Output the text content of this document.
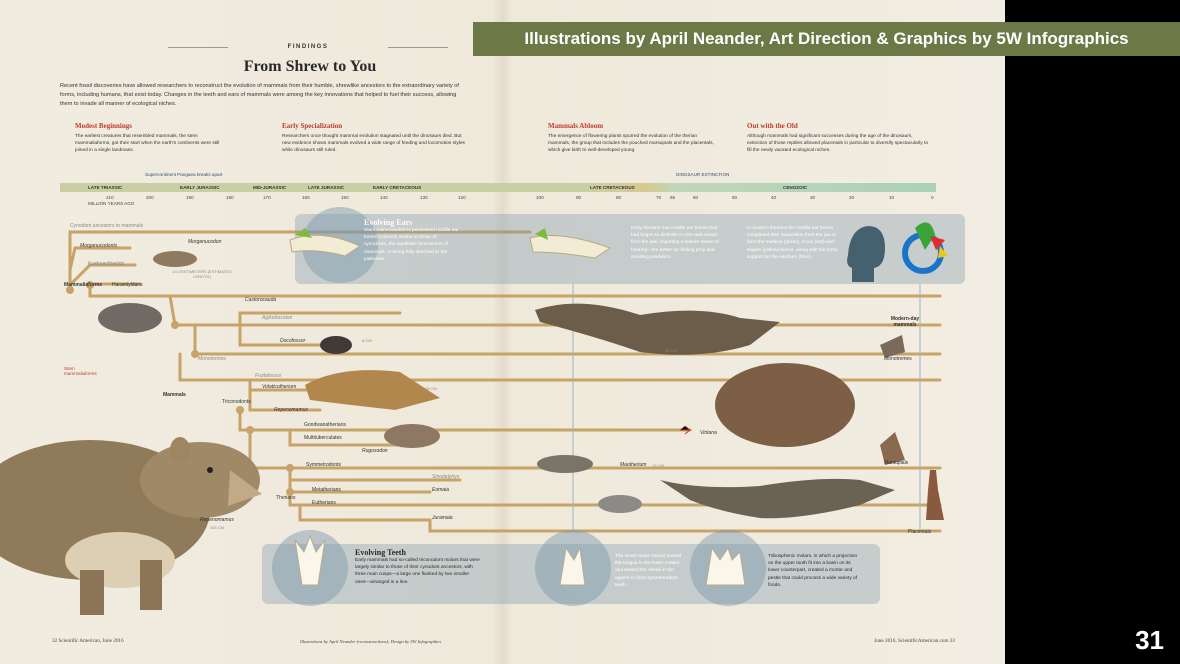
FINDINGS
From Shrew to You
Recent fossil discoveries have allowed researchers to reconstruct the evolution of mammals from their humble, shrewlike ancestors to the extraordinary variety of forms, including humans, that exist today. Changes in the teeth and ears of mammals were among the key innovations that helped to fuel their success, allowing them to invade all manner of ecological niches.
Modest Beginnings
The earliest creatures that resembled mammals, the stem mammaliaforms, got their start when the earth's continents were still joined in a single landmass.
Early Specialization
Researchers once thought mammal evolution stagnated until the dinosaurs died. But new evidence shows mammals evolved a wide range of feeding and locomotion styles while dinosaurs still ruled.
Mammals Abloom
The emergence of flowering plants spurred the evolution of the therian mammals, the group that includes the pouched marsupials and the placentals, which give birth to well-developed young.
Out with the Old
Although mammals had significant successes during the age of the dinosaurs, extinction of those reptiles allowed placentals in particular to diversify spectacularly to fill the newly vacated ecological niches.
Supercontinent Pangaea breaks apart	DINOSAUR EXTINCTION
LATE TRIASSIC	EARLY JURASSIC	MID-JURASSIC	LATE JURASSIC	EARLY CRETACEOUS	LATE CRETACEOUS	CENOZOIC
210	200	190	180	170	160	150	140	130	120	100	90	80	70 66	60	50	40	30	20	10	0
MILLION YEARS AGO
Evolving Ears
Stem mammaliaforms possessed middle ear bones (colored) similar to those of cynodonts, the reptilelike forerunners of mammals, in being fully attached to the jawbones.
Early therians had middle ear bones that had begun to diminish in size and detach from the jaw, imparting a keener sense of hearing—the better for finding prey and avoiding predators.
In modern therians the middle ear bones completed their separation from the jaw to form the malleus (green), incus (red) and stapes (yellow) bones, along with the bony support for the eardrum (blue).
Evolving Teeth
Early mammals had so-called triconodont molars that were largely similar to those of their cynodont ancestors, with three main cusps—a large one flanked by two smaller ones—arranged in a line.
The small cusps moved toward the tongue in the lower molars and toward the cheek in the uppers to form symmetrodont teeth.
Tribosphenic molars, in which a projection on the upper tooth fit into a basin on its lower counterpart, created a mortar and pestle that could process a wide variety of foods.
Cynodont ancestors to mammals
Morganucodonts
Morganucodon
14 CENTIMETERS (ESTIMATED LENGTH)
Kuehneotheriids
Mammaliaforms Haramiyidans
Castorocauda
Agilodocodon
Docofossor	8 CM
Stem mammaliaforms
Monotremes
Mammals
Fruitafossor
Volaticotherium	28 CM
Triconodonts
Repenomamus
Gondwanatherians
Multituberculates
Rugosodon
Vintana
Symmetrodonts	Maotherium 15 CM
Sinodelphys
Eomaia
Metatherians
Eutherians
Therians
Juramaia
Repenomamus
105 CM
42 CM
Modern-day mammals
Monotremes
Marsupials
Placentals
32 Scientific American, June 2016	Illustrations by April Neander (reconstructions); Design by 5W Infographics	June 2016, ScientificAmerican.com 33
Illustrations by April Neander, Art Direction & Graphics by 5W Infographics
31
